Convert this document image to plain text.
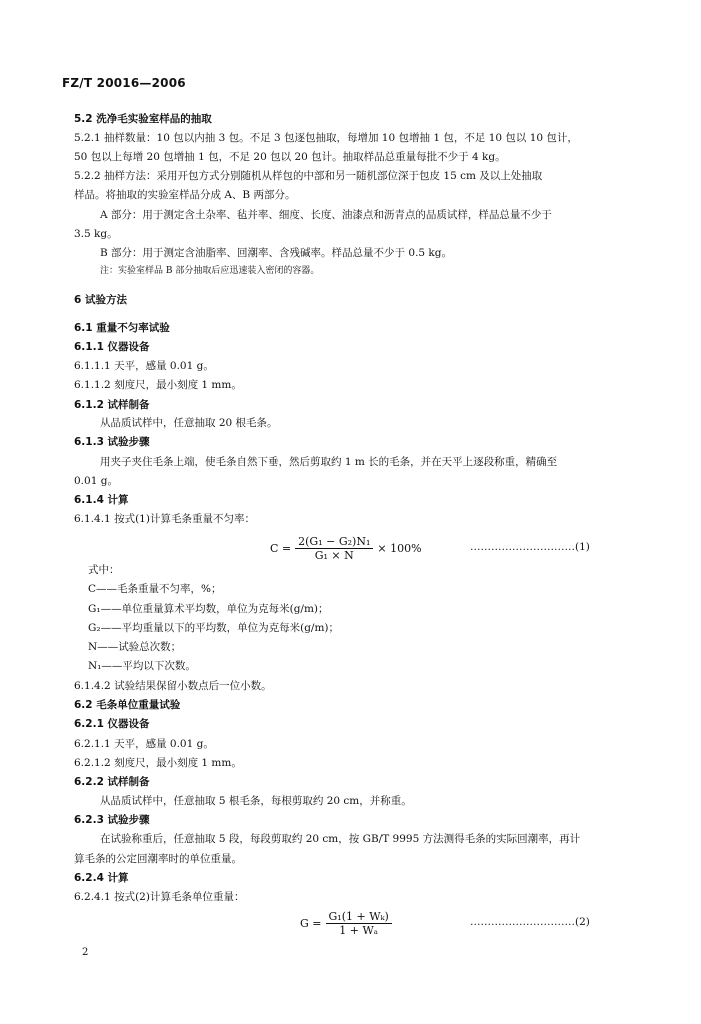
FZ/T 20016—2006
5.2 洗净毛实验室样品的抽取
5.2.1 抽样数量：10 包以内抽 3 包。不足 3 包逐包抽取，每增加 10 包增抽 1 包，不足 10 包以 10 包计，
50 包以上每增 20 包增抽 1 包，不足 20 包以 20 包计。抽取样品总重量每批不少于 4 kg。
5.2.2 抽样方法：采用开包方式分别随机从样包的中部和另一随机部位深于包皮 15 cm 及以上处抽取
样品。将抽取的实验室样品分成 A、B 两部分。
A 部分：用于测定含土杂率、毡并率、细度、长度、油漆点和沥青点的品质试样，样品总量不少于
3.5 kg。
B 部分：用于测定含油脂率、回潮率、含残碱率。样品总量不少于 0.5 kg。
注：实验室样品 B 部分抽取后应迅速装入密闭的容器。
6 试验方法
6.1 重量不匀率试验
6.1.1 仪器设备
6.1.1.1 天平，感量 0.01 g。
6.1.1.2 刻度尺，最小刻度 1 mm。
6.1.2 试样制备
从品质试样中，任意抽取 20 根毛条。
6.1.3 试验步骤
用夹子夹住毛条上端，使毛条自然下垂，然后剪取约 1 m 长的毛条，并在天平上逐段称重，精确至
0.01 g。
6.1.4 计算
6.1.4.1 按式(1)计算毛条重量不匀率：
式中：
C——毛条重量不匀率，%；
G₁——单位重量算术平均数，单位为克每米(g/m)；
G₂——平均重量以下的平均数，单位为克每米(g/m)；
N——试验总次数；
N₁——平均以下次数。
6.1.4.2 试验结果保留小数点后一位小数。
6.2 毛条单位重量试验
6.2.1 仪器设备
6.2.1.1 天平，感量 0.01 g。
6.2.1.2 刻度尺，最小刻度 1 mm。
6.2.2 试样制备
从品质试样中，任意抽取 5 根毛条，每根剪取约 20 cm，并称重。
6.2.3 试验步骤
在试验称重后，任意抽取 5 段，每段剪取约 20 cm，按 GB/T 9995 方法测得毛条的实际回潮率，再计
算毛条的公定回潮率时的单位重量。
6.2.4 计算
6.2.4.1 按式(2)计算毛条单位重量：
$C = \frac{\text{2(G₁ − G₂)N₁}}{\text{G₁ × N}} \times 100\%$	…………………………(1)
$G = \frac{\text{G₁(1 + Wₖ)}}{\text{1 + Wₐ}}$	…………………………(2)
2
